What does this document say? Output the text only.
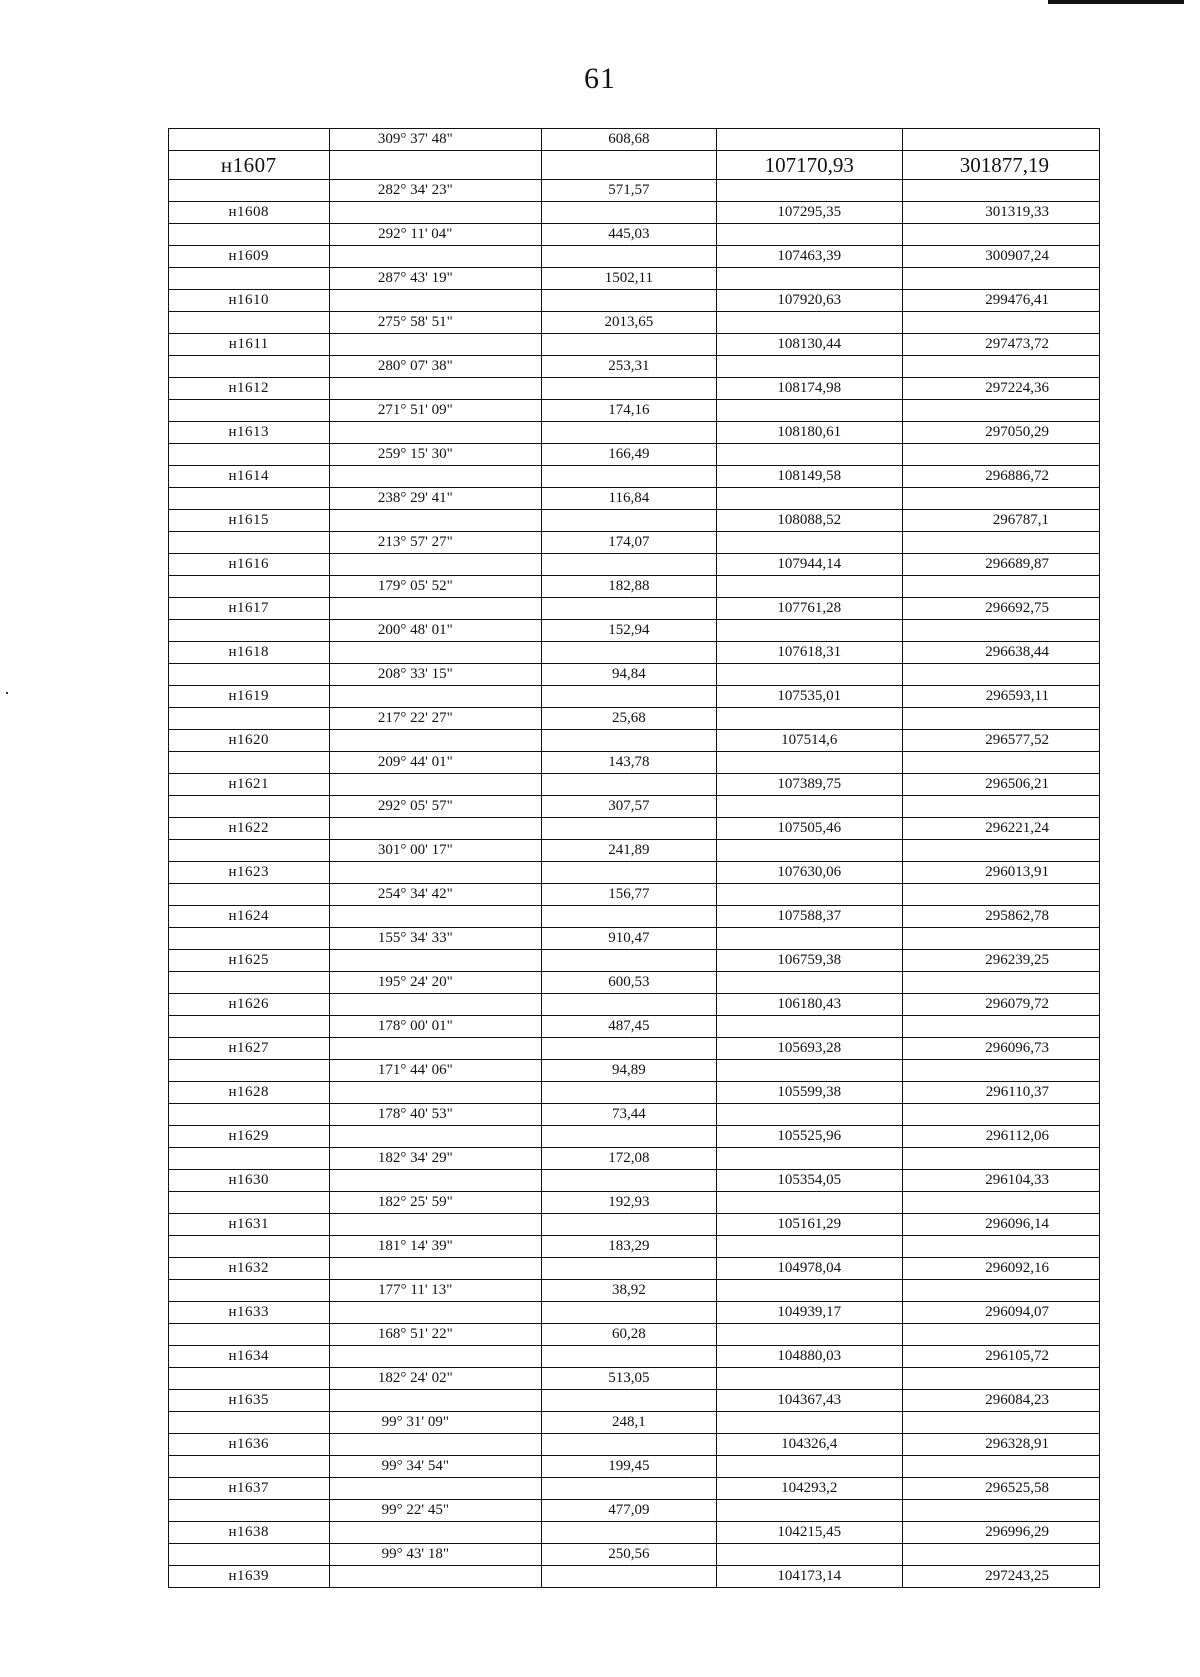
61
	309° 37' 48"	608,68		
н1607			107170,93	301877,19
	282° 34' 23"	571,57		
н1608			107295,35	301319,33
	292° 11' 04"	445,03		
н1609			107463,39	300907,24
	287° 43' 19"	1502,11		
н1610			107920,63	299476,41
	275° 58' 51"	2013,65		
н1611			108130,44	297473,72
	280° 07' 38"	253,31		
н1612			108174,98	297224,36
	271° 51' 09"	174,16		
н1613			108180,61	297050,29
	259° 15' 30"	166,49		
н1614			108149,58	296886,72
	238° 29' 41"	116,84		
н1615			108088,52	296787,1
	213° 57' 27"	174,07		
н1616			107944,14	296689,87
	179° 05' 52"	182,88		
н1617			107761,28	296692,75
	200° 48' 01"	152,94		
н1618			107618,31	296638,44
	208° 33' 15"	94,84		
н1619			107535,01	296593,11
	217° 22' 27"	25,68		
н1620			107514,6	296577,52
	209° 44' 01"	143,78		
н1621			107389,75	296506,21
	292° 05' 57"	307,57		
н1622			107505,46	296221,24
	301° 00' 17"	241,89		
н1623			107630,06	296013,91
	254° 34' 42"	156,77		
н1624			107588,37	295862,78
	155° 34' 33"	910,47		
н1625			106759,38	296239,25
	195° 24' 20"	600,53		
н1626			106180,43	296079,72
	178° 00' 01"	487,45		
н1627			105693,28	296096,73
	171° 44' 06"	94,89		
н1628			105599,38	296110,37
	178° 40' 53"	73,44		
н1629			105525,96	296112,06
	182° 34' 29"	172,08		
н1630			105354,05	296104,33
	182° 25' 59"	192,93		
н1631			105161,29	296096,14
	181° 14' 39"	183,29		
н1632			104978,04	296092,16
	177° 11' 13"	38,92		
н1633			104939,17	296094,07
	168° 51' 22"	60,28		
н1634			104880,03	296105,72
	182° 24' 02"	513,05		
н1635			104367,43	296084,23
	99° 31' 09"	248,1		
н1636			104326,4	296328,91
	99° 34' 54"	199,45		
н1637			104293,2	296525,58
	99° 22' 45"	477,09		
н1638			104215,45	296996,29
	99° 43' 18"	250,56		
н1639			104173,14	297243,25
